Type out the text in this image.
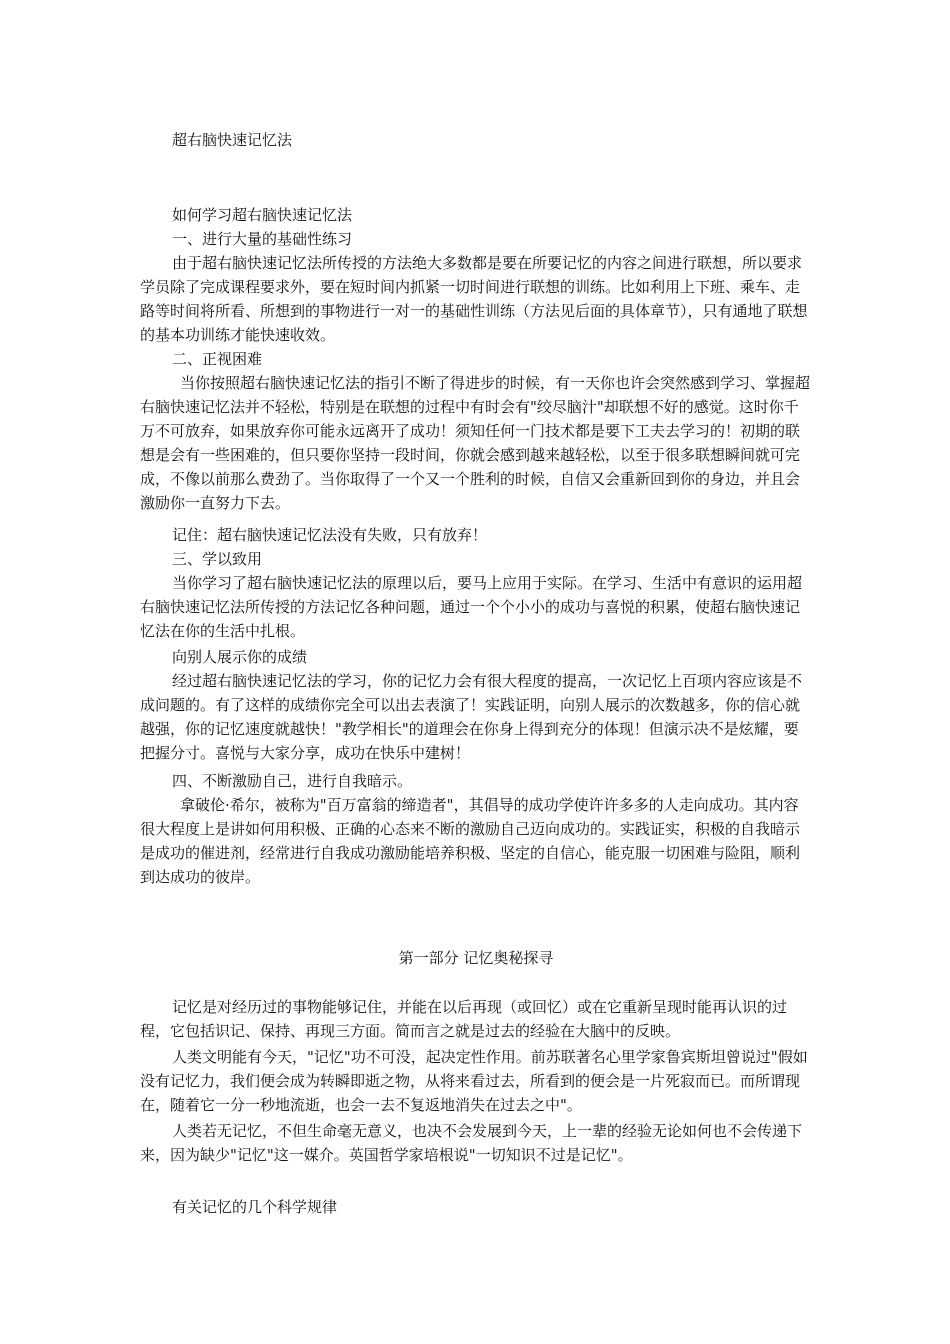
超右脑快速记忆法

如何学习超右脑快速记忆法

一、进行大量的基础性练习

由于超右脑快速记忆法所传授的方法绝大多数都是要在所要记忆的内容之间进行联想，所以要求学员除了完成课程要求外，要在短时间内抓紧一切时间进行联想的训练。比如利用上下班、乘车、走路等时间将所看、所想到的事物进行一对一的基础性训练（方法见后面的具体章节），只有通地了联想的基本功训练才能快速收效。

二、正视困难

当你按照超右脑快速记忆法的指引不断了得进步的时候，有一天你也许会突然感到学习、掌握超右脑快速记忆法并不轻松，特别是在联想的过程中有时会有"绞尽脑汁"却联想不好的感觉。这时你千万不可放弃，如果放弃你可能永远离开了成功！须知任何一门技术都是要下工夫去学习的！初期的联想是会有一些困难的，但只要你坚持一段时间，你就会感到越来越轻松，以至于很多联想瞬间就可完成，不像以前那么费劲了。当你取得了一个又一个胜利的时候，自信又会重新回到你的身边，并且会激励你一直努力下去。

记住：超右脑快速记忆法没有失败，只有放弃！

三、学以致用

当你学习了超右脑快速记忆法的原理以后，要马上应用于实际。在学习、生活中有意识的运用超右脑快速记忆法所传授的方法记忆各种问题，通过一个个小小的成功与喜悦的积累，使超右脑快速记忆法在你的生活中扎根。

向别人展示你的成绩

经过超右脑快速记忆法的学习，你的记忆力会有很大程度的提高，一次记忆上百项内容应该是不成问题的。有了这样的成绩你完全可以出去表演了！实践证明，向别人展示的次数越多，你的信心就越强，你的记忆速度就越快！"教学相长"的道理会在你身上得到充分的体现！但演示决不是炫耀，要把握分寸。喜悦与大家分享，成功在快乐中建树！

四、不断激励自己，进行自我暗示。

拿破伦·希尔，被称为"百万富翁的缔造者"，其倡导的成功学使许许多多的人走向成功。其内容很大程度上是讲如何用积极、正确的心态来不断的激励自己迈向成功的。实践证实，积极的自我暗示是成功的催进剂，经常进行自我成功激励能培养积极、坚定的自信心，能克服一切困难与险阻，顺利到达成功的彼岸。

第一部分 记忆奥秘探寻

记忆是对经历过的事物能够记住，并能在以后再现（或回忆）或在它重新呈现时能再认识的过程，它包括识记、保持、再现三方面。简而言之就是过去的经验在大脑中的反映。

人类文明能有今天，"记忆"功不可没，起决定性作用。前苏联著名心里学家鲁宾斯坦曾说过"假如没有记忆力，我们便会成为转瞬即逝之物，从将来看过去，所看到的便会是一片死寂而已。而所谓现在，随着它一分一秒地流逝，也会一去不复返地消失在过去之中"。

人类若无记忆，不但生命毫无意义，也决不会发展到今天，上一辈的经验无论如何也不会传递下来，因为缺少"记忆"这一媒介。英国哲学家培根说"一切知识不过是记忆"。

有关记忆的几个科学规律
